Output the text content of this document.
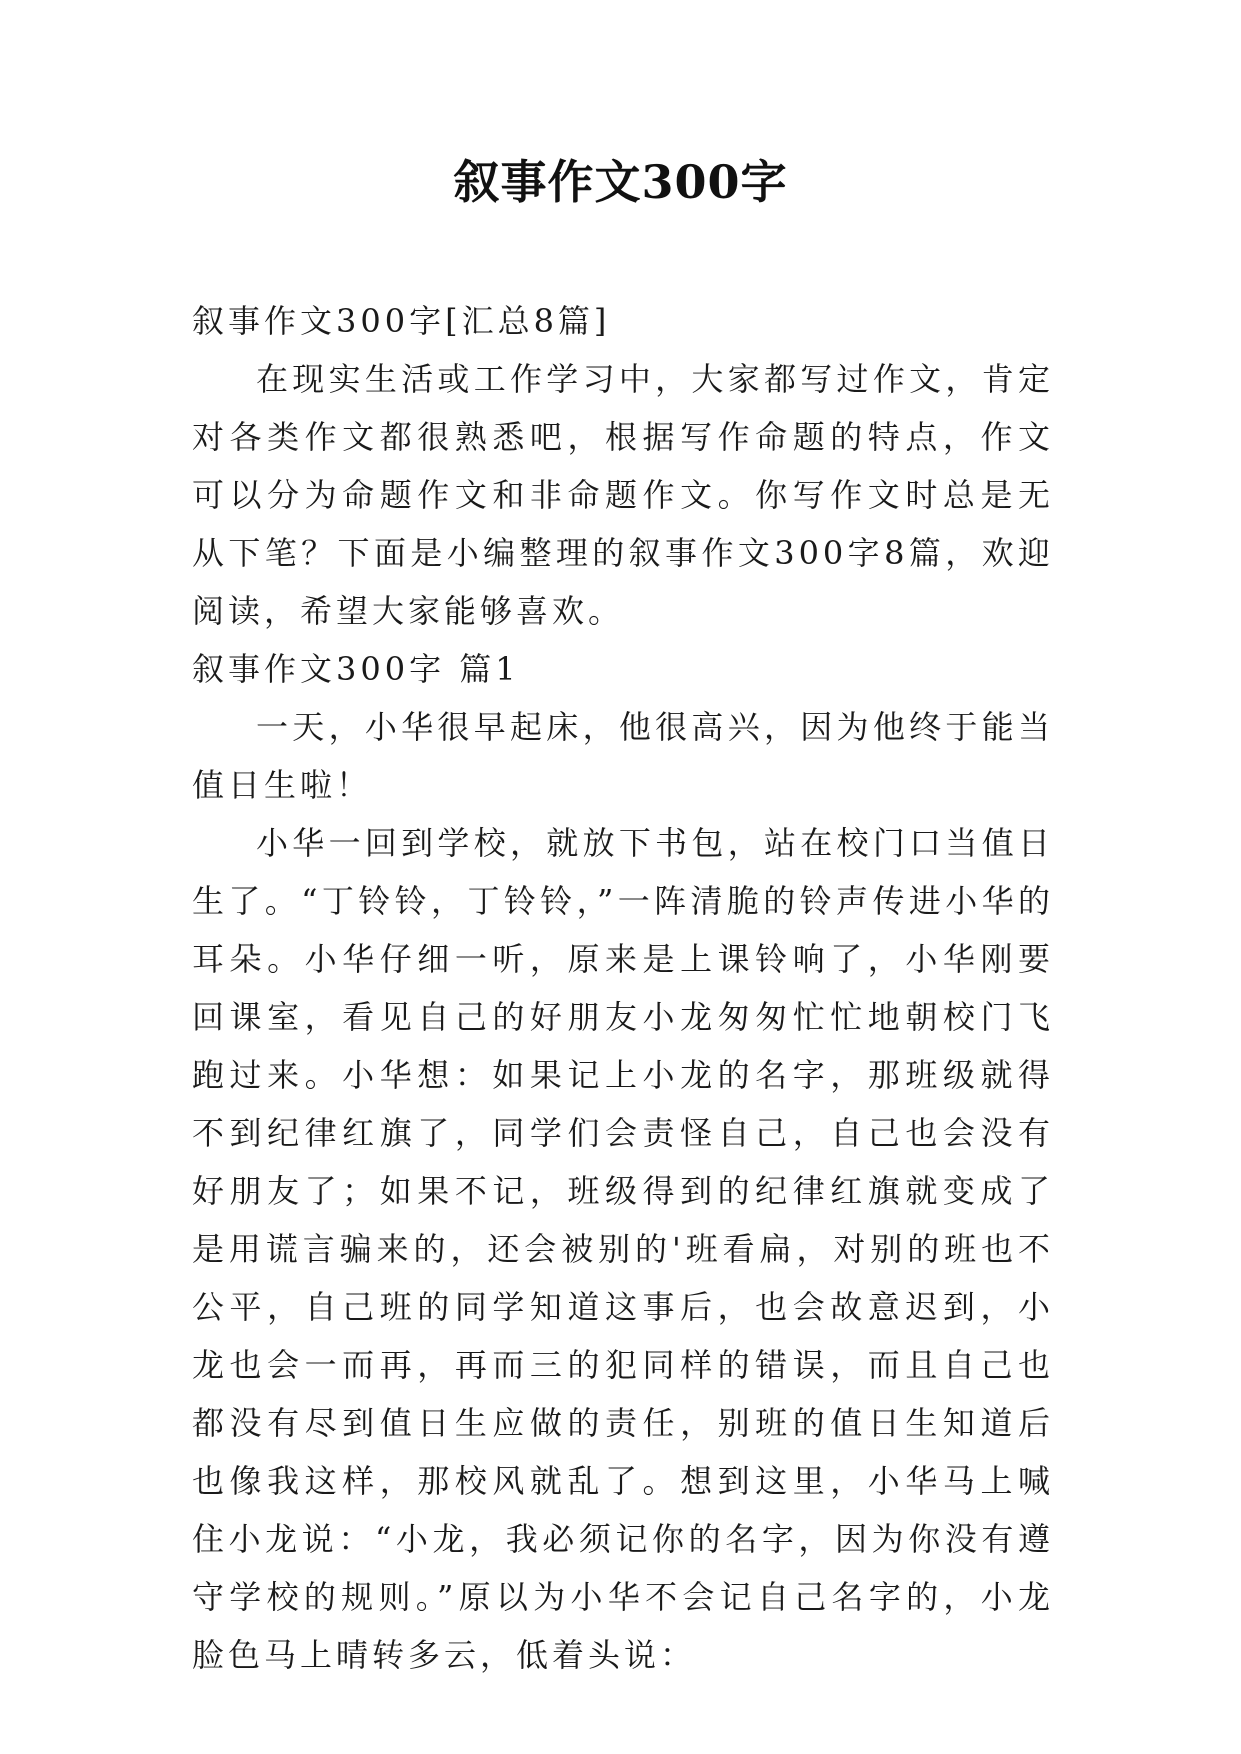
叙事作文300字

叙事作文300字[汇总8篇]

在现实生活或工作学习中，大家都写过作文，肯定对各类作文都很熟悉吧，根据写作命题的特点，作文可以分为命题作文和非命题作文。你写作文时总是无从下笔？下面是小编整理的叙事作文300字8篇，欢迎阅读，希望大家能够喜欢。

叙事作文300字 篇1

一天，小华很早起床，他很高兴，因为他终于能当值日生啦！

小华一回到学校，就放下书包，站在校门口当值日生了。“丁铃铃，丁铃铃，”一阵清脆的铃声传进小华的耳朵。小华仔细一听，原来是上课铃响了，小华刚要回课室，看见自己的好朋友小龙匆匆忙忙地朝校门飞跑过来。小华想：如果记上小龙的名字，那班级就得不到纪律红旗了，同学们会责怪自己，自己也会没有好朋友了；如果不记，班级得到的纪律红旗就变成了是用谎言骗来的，还会被别的'班看扁，对别的班也不公平，自己班的同学知道这事后，也会故意迟到，小龙也会一而再，再而三的犯同样的错误，而且自己也都没有尽到值日生应做的责任，别班的值日生知道后也像我这样，那校风就乱了。想到这里，小华马上喊住小龙说：“小龙，我必须记你的名字，因为你没有遵守学校的规则。”原以为小华不会记自己名字的，小龙脸色马上晴转多云，低着头说：
